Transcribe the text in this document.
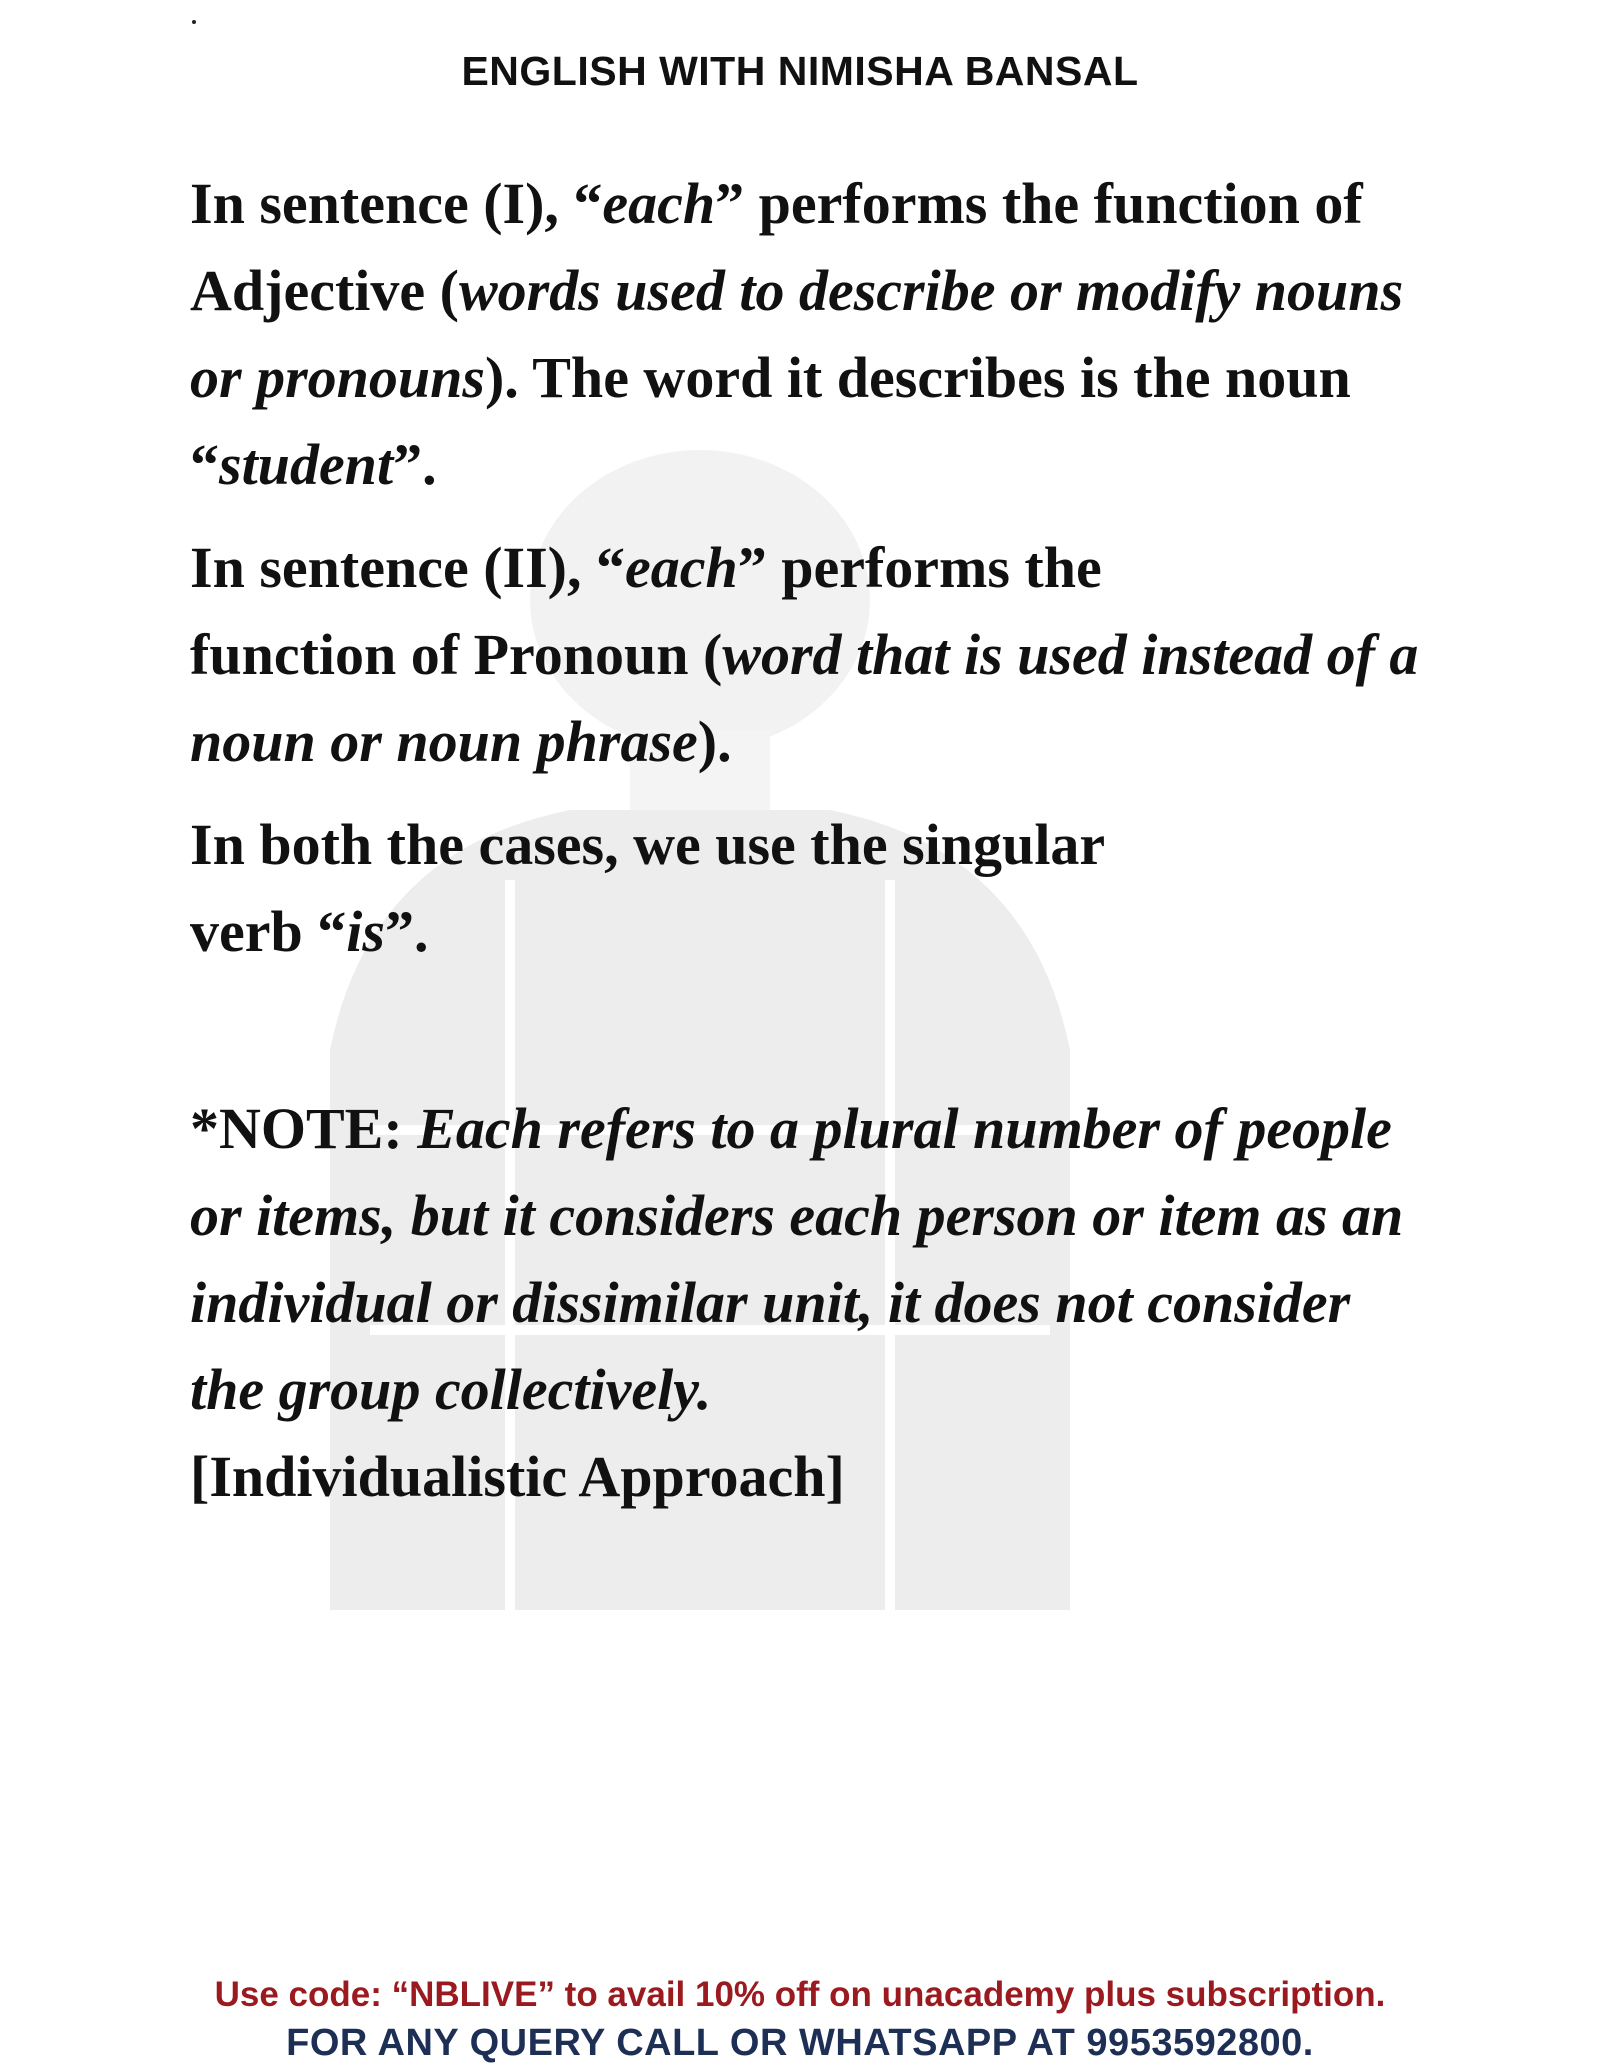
ENGLISH WITH NIMISHA BANSAL

In sentence (I), “each” performs the function of Adjective (words used to describe or modify nouns or pronouns). The word it describes is the noun “student”.

In sentence (II), “each” performs the
function of Pronoun (word that is used instead of a noun or noun phrase).

In both the cases, we use the singular
verb “is”.

*NOTE: Each refers to a plural number of people or items, but it considers each person or item as an individual or dissimilar unit, it does not consider the group collectively.
[Individualistic Approach]

Use code: “NBLIVE” to avail 10% off on unacademy plus subscription.
FOR ANY QUERY CALL OR WHATSAPP AT 9953592800.
